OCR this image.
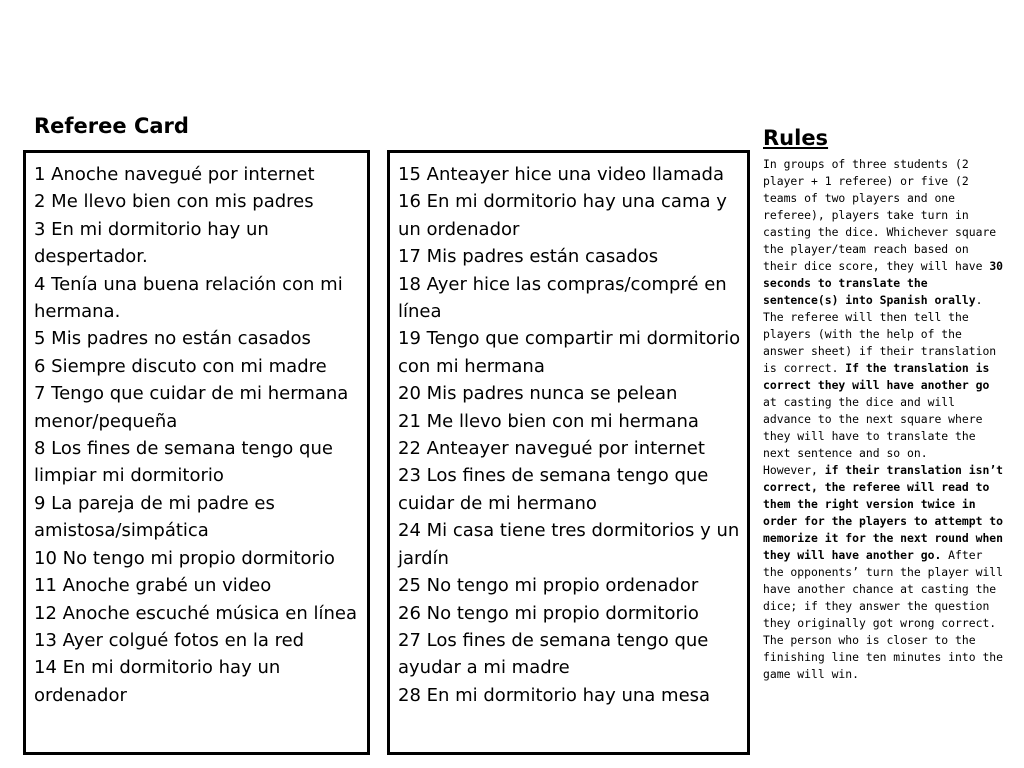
Referee Card
1 Anoche navegué por internet
2 Me llevo bien con mis padres
3 En mi dormitorio hay un despertador.
4 Tenía una buena relación con mi hermana.
5 Mis padres no están casados
6 Siempre discuto con mi madre
7 Tengo que cuidar de mi hermana menor/pequeña
8 Los fines de semana tengo que limpiar mi dormitorio
9 La pareja de mi padre es amistosa/simpática
10 No tengo mi propio dormitorio
11 Anoche grabé un video
12 Anoche escuché música en línea
13 Ayer colgué fotos en la red
14 En mi dormitorio hay un ordenador
15 Anteayer hice una video llamada
16 En mi dormitorio hay una cama y un ordenador
17 Mis padres están casados
18 Ayer hice las compras/compré en línea
19 Tengo que compartir mi dormitorio con mi hermana
20 Mis padres nunca se pelean
21 Me llevo bien con mi hermana
22 Anteayer navegué por internet
23 Los fines de semana tengo que cuidar de mi hermano
24 Mi casa tiene tres dormitorios y un jardín
25 No tengo mi propio ordenador
26 No tengo mi propio dormitorio
27 Los fines de semana tengo que ayudar a mi madre
28 En mi dormitorio hay una mesa
Rules

In groups of three students (2 player + 1 referee) or five (2 teams of two players and one referee), players take turn in casting the dice. Whichever square the player/team reach based on their dice score, they will have 30 seconds to translate the sentence(s) into Spanish orally. The referee will then tell the players (with the help of the answer sheet) if their translation is correct. If the translation is correct they will have another go at casting the dice and will advance to the next square where they will have to translate the next sentence and so on.
However, if their translation isn’t correct, the referee will read to them the right version twice in order for the players to attempt to memorize it for the next round when they will have another go. After the opponents’ turn the player will have another chance at casting the dice; if they answer the question they originally got wrong correct. The person who is closer to the finishing line ten minutes into the game will win.
